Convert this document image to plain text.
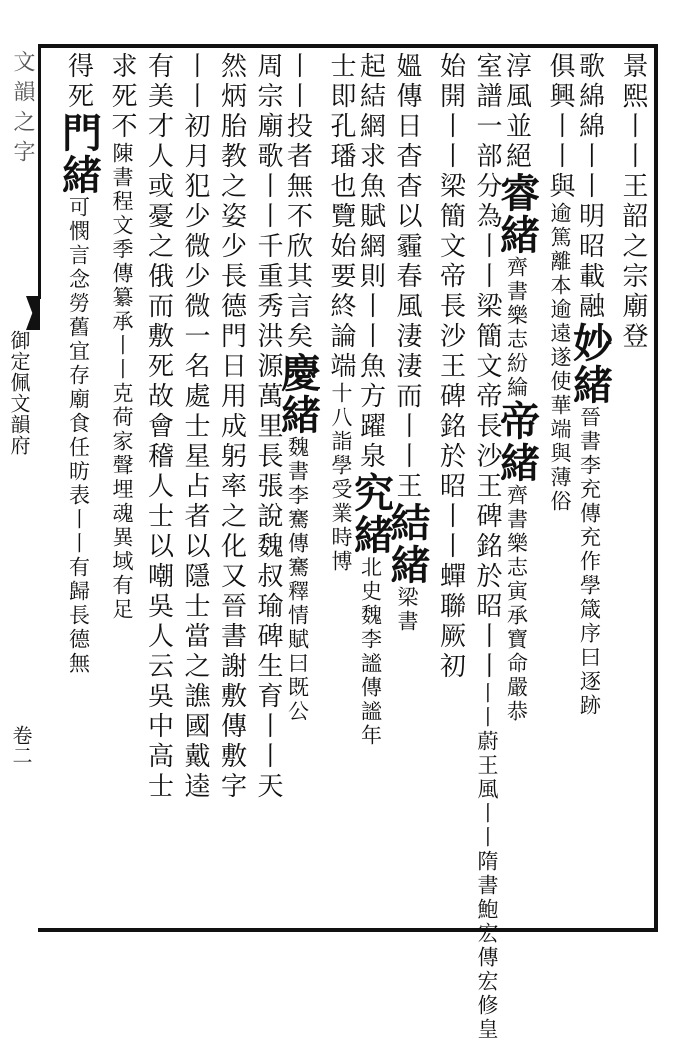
文韻之字
御定佩文韻府
卷二
景熙丨丨王韶之宗廟登
歌綿綿丨丨明昭載融妙緒晉書李充傳充作學箴序曰逐跡
俱興丨丨與逾篤離本逾遠遂使華端與薄俗
淳風並絕睿緒齊書樂志紛綸帝緒齊書樂志寅承寶命嚴恭
室譜一部分為丨丨梁簡文帝長沙王碑銘於昭丨丨丨丨蔚王風丨丨隋書鮑宏傳宏修皇
始開丨丨梁簡文帝長沙王碑銘於昭丨丨蟬聯厥初
媼傳日杳杳以霾春風淒淒而丨丨王結緒梁書
起結網求魚賦網則丨丨魚方躍泉究緒北史魏李謐傳謐年
士即孔璠也覽始要終論端十八詣學受業時博
丨丨投者無不欣其言矣慶緒魏書李騫傳騫釋情賦曰既公
周宗廟歌丨丨千重秀洪源萬里長張說魏叔瑜碑生育丨丨天
然炳胎教之姿少長德門日用成躬率之化又晉書謝敷傳敷字
丨丨初月犯少微少微一名處士星占者以隱士當之譙國戴逵
有美才人或憂之俄而敷死故會稽人士以嘲吳人云吳中高士
求死不陳書程文季傳纂承丨丨克荷家聲埋魂異域有足
得死門緒可憫言念勞舊宜存廟食任昉表丨丨有歸長德無
